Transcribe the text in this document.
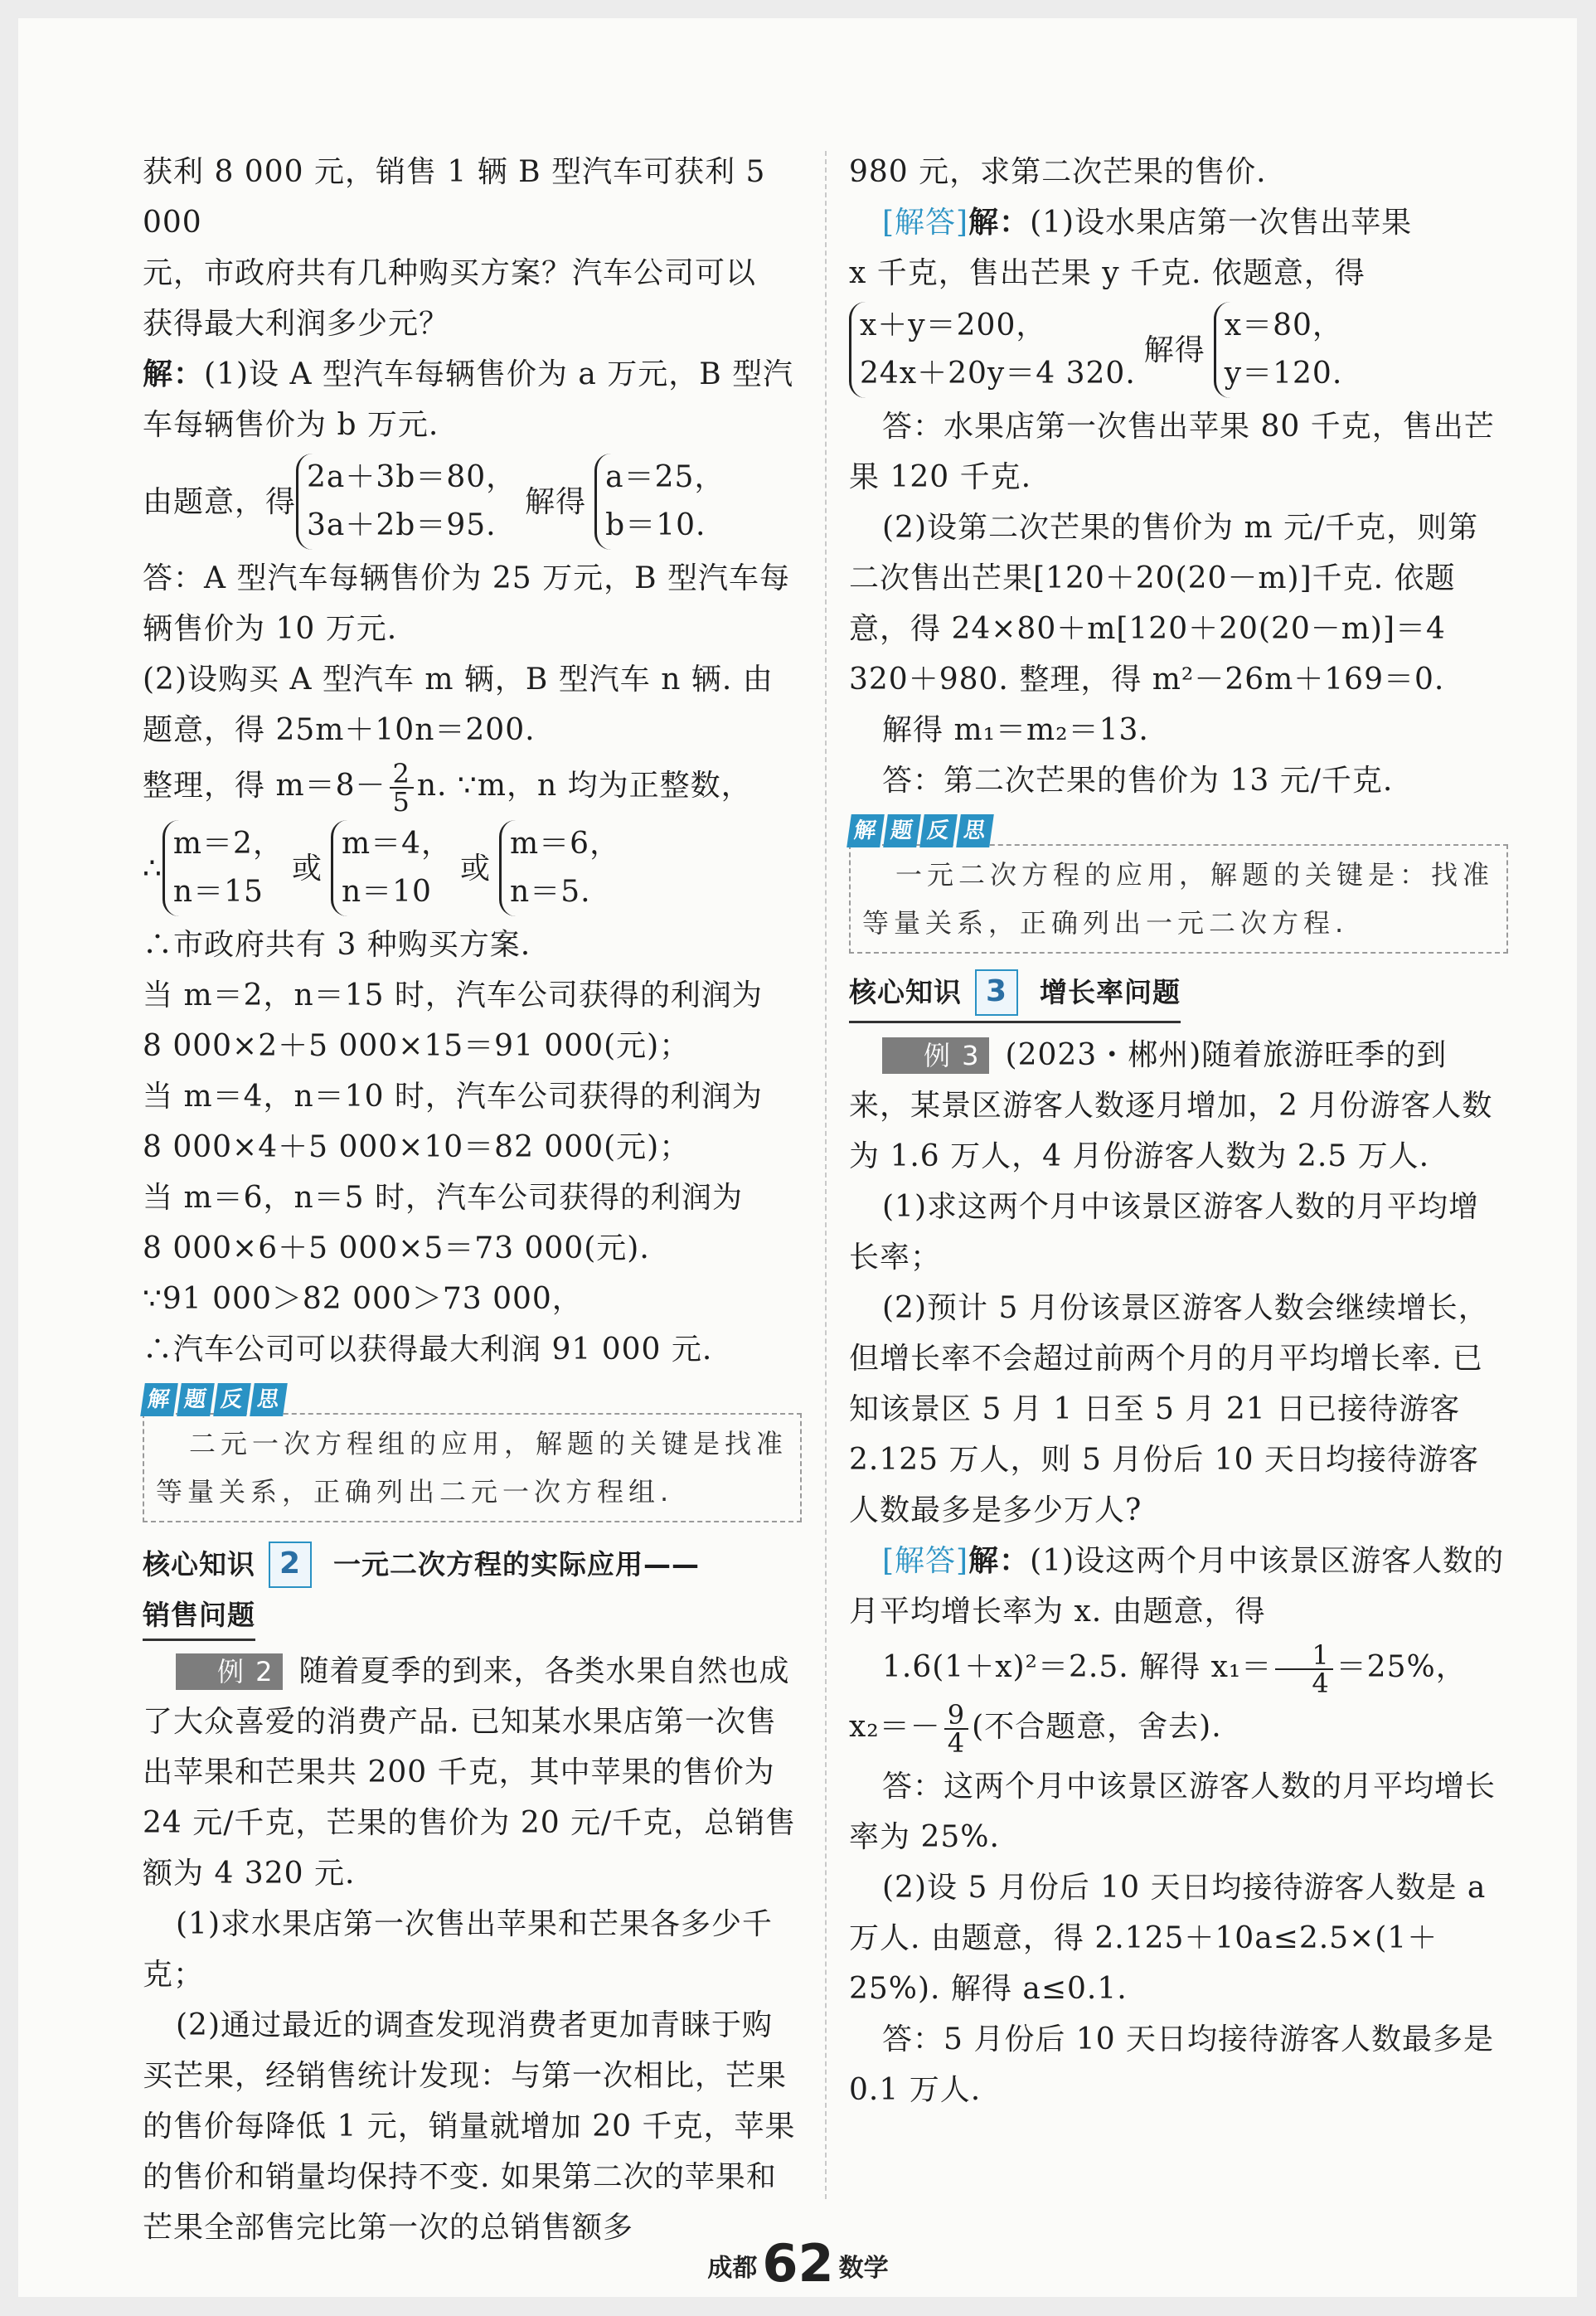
获利 8 000 元，销售 1 辆 B 型汽车可获利 5 000

元，市政府共有几种购买方案？汽车公司可以

获得最大利润多少元？

解：(1)设 A 型汽车每辆售价为 a 万元，B 型汽

车每辆售价为 b 万元.

由题意，得
2a＋3b＝80，
3a＋2b＝95.
解得
a＝25，
b＝10.

答：A 型汽车每辆售价为 25 万元，B 型汽车每

辆售价为 10 万元.

(2)设购买 A 型汽车 m 辆，B 型汽车 n 辆. 由

题意，得 25m＋10n＝200.

整理，得 $m=8- \frac{2}{5} n$. ∵m，n 均为正整数，

∴
m＝2，
n＝15
或
m＝4，
n＝10
或
m＝6，
n＝5.

∴市政府共有 3 种购买方案.

当 m＝2，n＝15 时，汽车公司获得的利润为

8 000×2＋5 000×15＝91 000(元)；

当 m＝4，n＝10 时，汽车公司获得的利润为

8 000×4＋5 000×10＝82 000(元)；

当 m＝6，n＝5 时，汽车公司获得的利润为

8 000×6＋5 000×5＝73 000(元).

∵91 000＞82 000＞73 000，

∴汽车公司可以获得最大利润 91 000 元.

解 题 反 思
二元一次方程组的应用，解题的关键是找准等量关系，正确列出二元一次方程组.
核心知识 2	一元二次方程的实际应用——
销售问题

例 2 随着夏季的到来，各类水果自然也成了大众喜爱的消费产品. 已知某水果店第一次售出苹果和芒果共 200 千克，其中苹果的售价为 24 元/千克，芒果的售价为 20 元/千克，总销售额为 4 320 元.

(1)求水果店第一次售出苹果和芒果各多少千克；

(2)通过最近的调查发现消费者更加青睐于购买芒果，经销售统计发现：与第一次相比，芒果的售价每降低 1 元，销量就增加 20 千克，苹果的售价和销量均保持不变. 如果第二次的苹果和芒果全部售完比第一次的总销售额多

980 元，求第二次芒果的售价.

[解答]解：(1)设水果店第一次售出苹果

x 千克，售出芒果 y 千克. 依题意，得

x＋y＝200，
24x＋20y＝4 320.
解得
x＝80，
y＝120.

答：水果店第一次售出苹果 80 千克，售出芒果 120 千克.

(2)设第二次芒果的售价为 m 元/千克，则第二次售出芒果[120＋20(20－m)]千克. 依题意，得 24×80＋m[120＋20(20－m)]＝4 320＋980. 整理，得 m²－26m＋169＝0.

解得 m₁＝m₂＝13.

答：第二次芒果的售价为 13 元/千克.

解 题 反 思
一元二次方程的应用，解题的关键是：找准等量关系，正确列出一元二次方程.
核心知识 3	增长率问题

例 3 (2023・郴州)随着旅游旺季的到来，某景区游客人数逐月增加，2 月份游客人数为 1.6 万人，4 月份游客人数为 2.5 万人.

(1)求这两个月中该景区游客人数的月平均增长率；

(2)预计 5 月份该景区游客人数会继续增长，但增长率不会超过前两个月的月平均增长率. 已知该景区 5 月 1 日至 5 月 21 日已接待游客 2.125 万人，则 5 月份后 10 天日均接待游客人数最多是多少万人?

[解答]解：(1)设这两个月中该景区游客人数的月平均增长率为 x. 由题意，得

1.6(1＋x)²＝2.5. 解得 $x_1= \frac{1}{4} =25\%$，

$x_2=- \frac{9}{4}$ (不合题意，舍去).

答：这两个月中该景区游客人数的月平均增长率为 25%.

(2)设 5 月份后 10 天日均接待游客人数是 a 万人. 由题意，得 2.125＋10a≤2.5×(1＋25%). 解得 a≤0.1.

答：5 月份后 10 天日均接待游客人数最多是 0.1 万人.

成都62 数学
